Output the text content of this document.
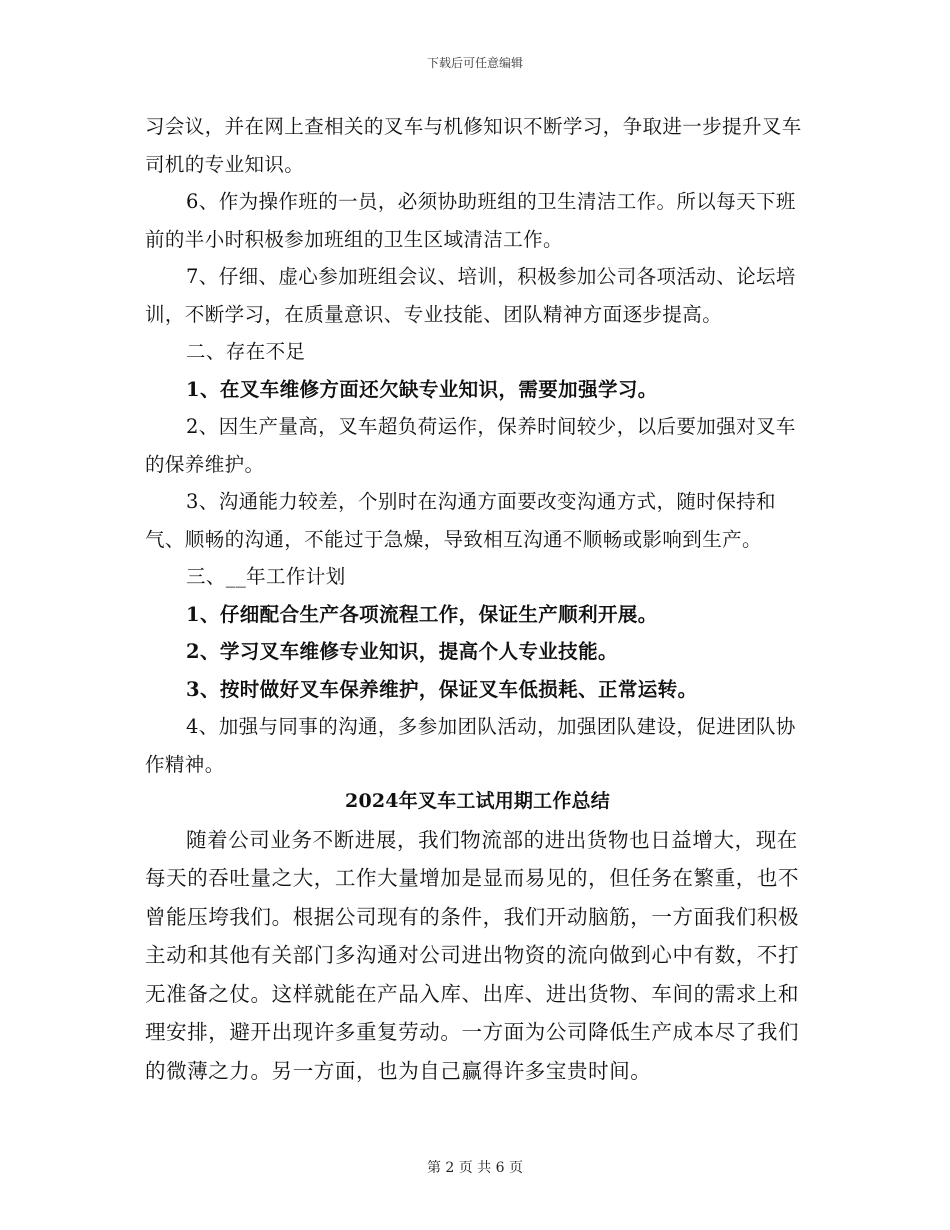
下载后可任意编辑

习会议，并在网上查相关的叉车与机修知识不断学习，争取进一步提升叉车司机的专业知识。

6、作为操作班的一员，必须协助班组的卫生清洁工作。所以每天下班前的半小时积极参加班组的卫生区域清洁工作。

7、仔细、虚心参加班组会议、培训，积极参加公司各项活动、论坛培训，不断学习，在质量意识、专业技能、团队精神方面逐步提高。

二、存在不足

1、在叉车维修方面还欠缺专业知识，需要加强学习。

2、因生产量高，叉车超负荷运作，保养时间较少，以后要加强对叉车的保养维护。

3、沟通能力较差，个别时在沟通方面要改变沟通方式，随时保持和气、顺畅的沟通，不能过于急燥，导致相互沟通不顺畅或影响到生产。

三、__年工作计划

1、仔细配合生产各项流程工作，保证生产顺利开展。

2、学习叉车维修专业知识，提高个人专业技能。

3、按时做好叉车保养维护，保证叉车低损耗、正常运转。

4、加强与同事的沟通，多参加团队活动，加强团队建设，促进团队协作精神。

2024年叉车工试用期工作总结

随着公司业务不断进展，我们物流部的进出货物也日益增大，现在每天的吞吐量之大，工作大量增加是显而易见的，但任务在繁重，也不曾能压垮我们。根据公司现有的条件，我们开动脑筋，一方面我们积极主动和其他有关部门多沟通对公司进出物资的流向做到心中有数，不打无准备之仗。这样就能在产品入库、出库、进出货物、车间的需求上和理安排，避开出现许多重复劳动。一方面为公司降低生产成本尽了我们的微薄之力。另一方面，也为自己赢得许多宝贵时间。

第 2 页 共 6 页
